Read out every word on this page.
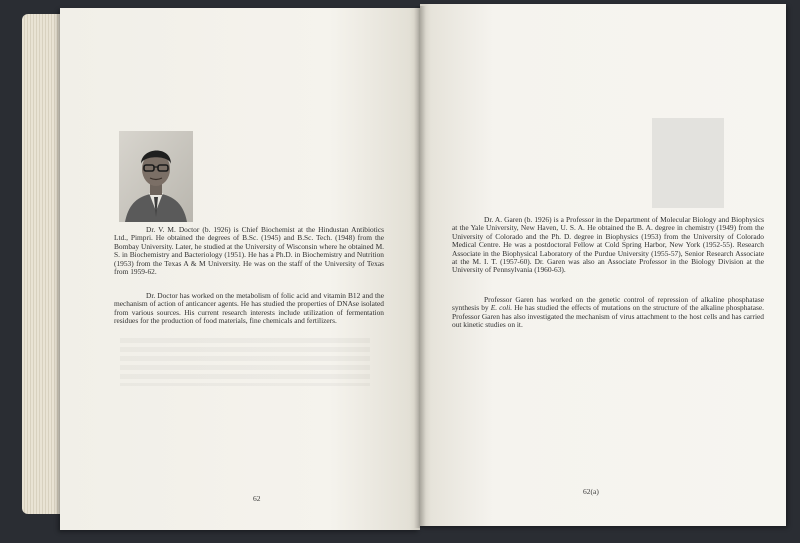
Dr. V. M. Doctor (b. 1926) is Chief Biochemist at the Hindustan Antibiotics Ltd., Pimpri. He obtained the degrees of B.Sc. (1945) and B.Sc. Tech. (1948) from the Bombay University. Later, he studied at the University of Wisconsin where he obtained M. S. in Biochemistry and Bacteriology (1951). He has a Ph.D. in Biochemistry and Nutrition (1953) from the Texas A & M University. He was on the staff of the University of Texas from 1959-62.

Dr. Doctor has worked on the metabolism of folic acid and vitamin B12 and the mechanism of action of anticancer agents. He has studied the properties of DNAse isolated from various sources. His current research interests include utilization of fermentation residues for the production of food materials, fine chemicals and fertilizers.

Dr. A. Garen (b. 1926) is a Professor in the Department of Molecular Biology and Biophysics at the Yale University, New Haven, U. S. A. He obtained the B. A. degree in chemistry (1949) from the University of Colorado and the Ph. D. degree in Biophysics (1953) from the University of Colorado Medical Centre. He was a postdoctoral Fellow at Cold Spring Harbor, New York (1952-55). Research Associate in the Biophysical Laboratory of the Purdue University (1955-57), Senior Research Associate at the M. I. T. (1957-60). Dr. Garen was also an Associate Professor in the Biology Division at the University of Pennsylvania (1960-63).

Professor Garen has worked on the genetic control of repression of alkaline phosphatase synthesis by E. coli. He has studied the effects of mutations on the structure of the alkaline phosphatase. Professor Garen has also investigated the mechanism of virus attachment to the host cells and has carried out kinetic studies on it.

62
62(a)
